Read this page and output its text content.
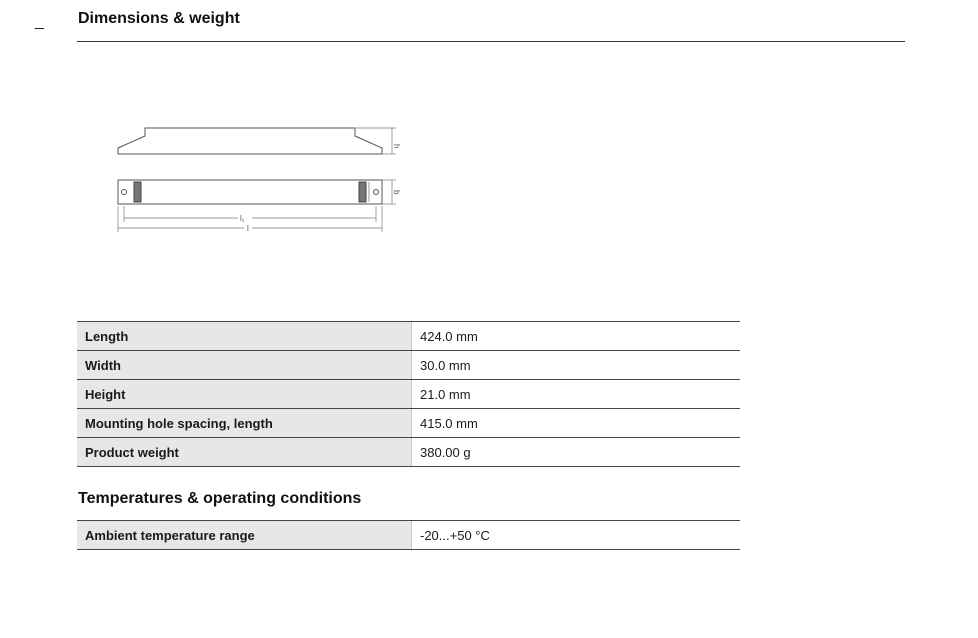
_ Dimensions & weight
h
b
l₁
l
Length	424.0 mm
Width	30.0 mm
Height	21.0 mm
Mounting hole spacing, length	415.0 mm
Product weight	380.00 g
Temperatures & operating conditions
Ambient temperature range	-20...+50 °C
